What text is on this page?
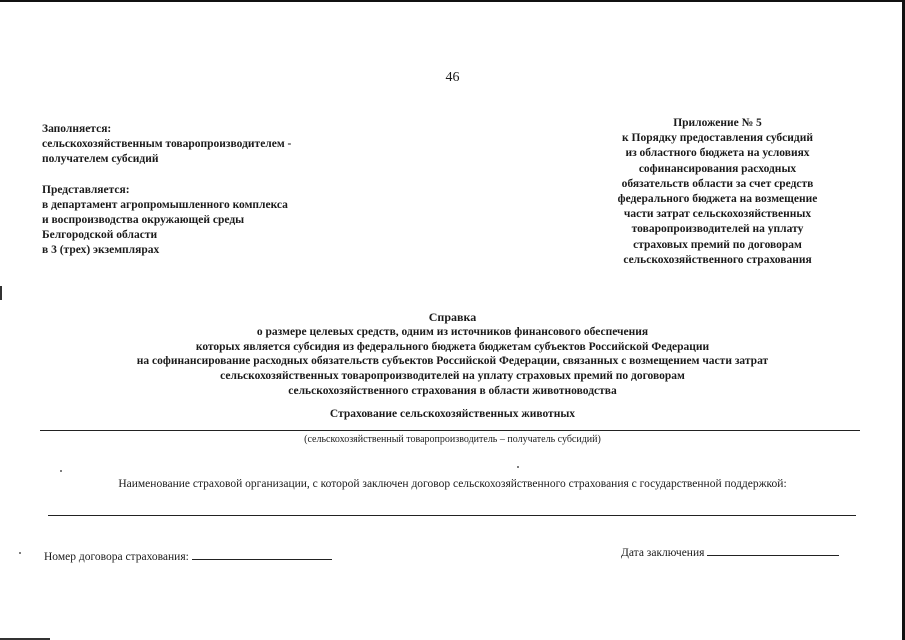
46

Заполняется:

сельскохозяйственным товаропроизводителем -

получателем субсидий

Представляется:

в департамент агропромышленного комплекса

и воспроизводства окружающей среды

Белгородской области

в 3 (трех) экземплярах

Приложение № 5

к Порядку предоставления субсидий

из областного бюджета на условиях

софинансирования расходных

обязательств области за счет средств

федерального бюджета на возмещение

части затрат сельскохозяйственных

товаропроизводителей на уплату

страховых премий по договорам

сельскохозяйственного страхования

Справка

о размере целевых средств, одним из источников финансового обеспечения

которых является субсидия из федерального бюджета бюджетам субъектов Российской Федерации

на софинансирование расходных обязательств субъектов Российской Федерации, связанных с возмещением части затрат

сельскохозяйственных товаропроизводителей на уплату страховых премий по договорам

сельскохозяйственного страхования в области животноводства

Страхование сельскохозяйственных животных
(сельскохозяйственный товаропроизводитель – получатель субсидий)
Наименование страховой организации, с которой заключен договор сельскохозяйственного страхования с государственной поддержкой:
Номер договора страхования:	Дата заключения
